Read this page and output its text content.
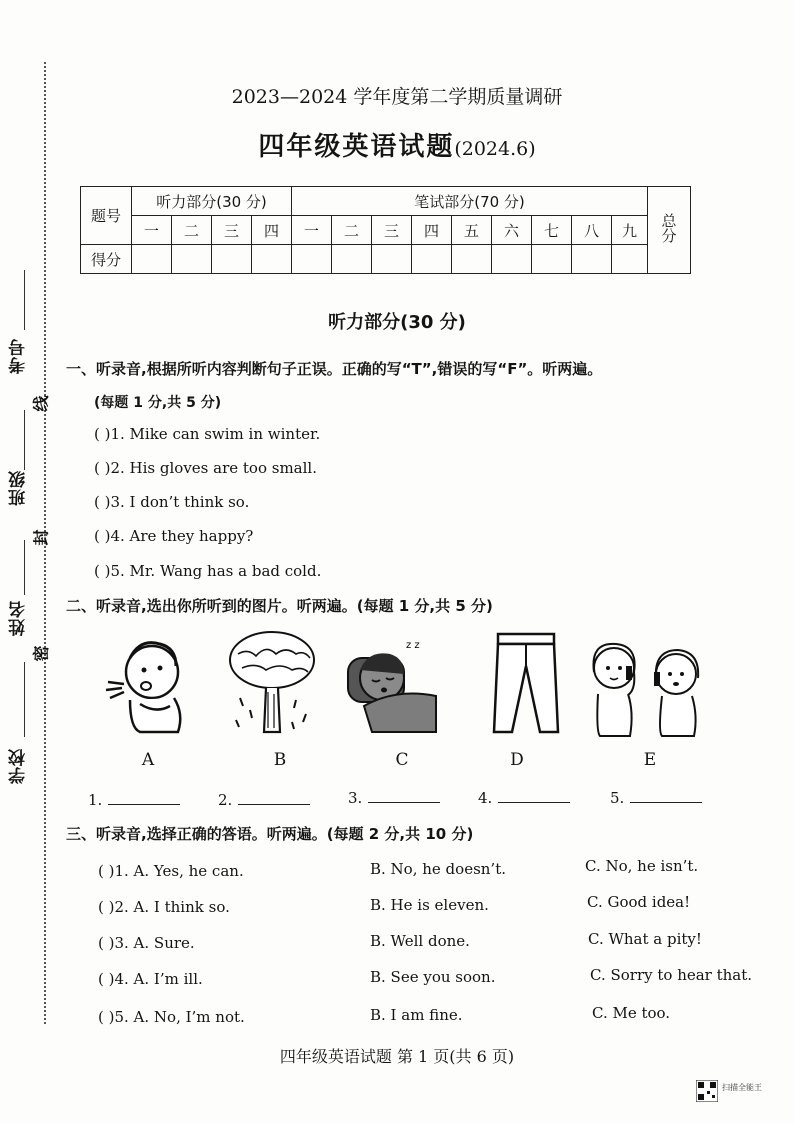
考号
线
班级
封
姓名
密
学校
2023—2024 学年度第二学期质量调研
四年级英语试题(2024.6)
题号	听力部分(30 分)				笔试部分(70 分)									总分
	一	二	三	四	一	二	三	四	五	六	七	八	九	
得分														
听力部分(30 分)
一、听录音,根据所听内容判断句子正误。正确的写“T”,错误的写“F”。听两遍。
(每题 1 分,共 5 分)
( )1. Mike can swim in winter.
( )2. His gloves are too small.
( )3. I don’t think so.
( )4. Are they happy?
( )5. Mr. Wang has a bad cold.
二、听录音,选出你所听到的图片。听两遍。(每题 1 分,共 5 分)
z z
A	B	C	D	E
1.	2.	3.	4.	5.
三、听录音,选择正确的答语。听两遍。(每题 2 分,共 10 分)
( )1. A. Yes, he can.	B. No, he doesn’t.	C. No, he isn’t.
( )2. A. I think so.	B. He is eleven.	C. Good idea!
( )3. A. Sure.	B. Well done.	C. What a pity!
( )4. A. I’m ill.	B. See you soon.	C. Sorry to hear that.
( )5. A. No, I’m not.	B. I am fine.	C. Me too.
四年级英语试题 第 1 页(共 6 页)
扫描全能王
